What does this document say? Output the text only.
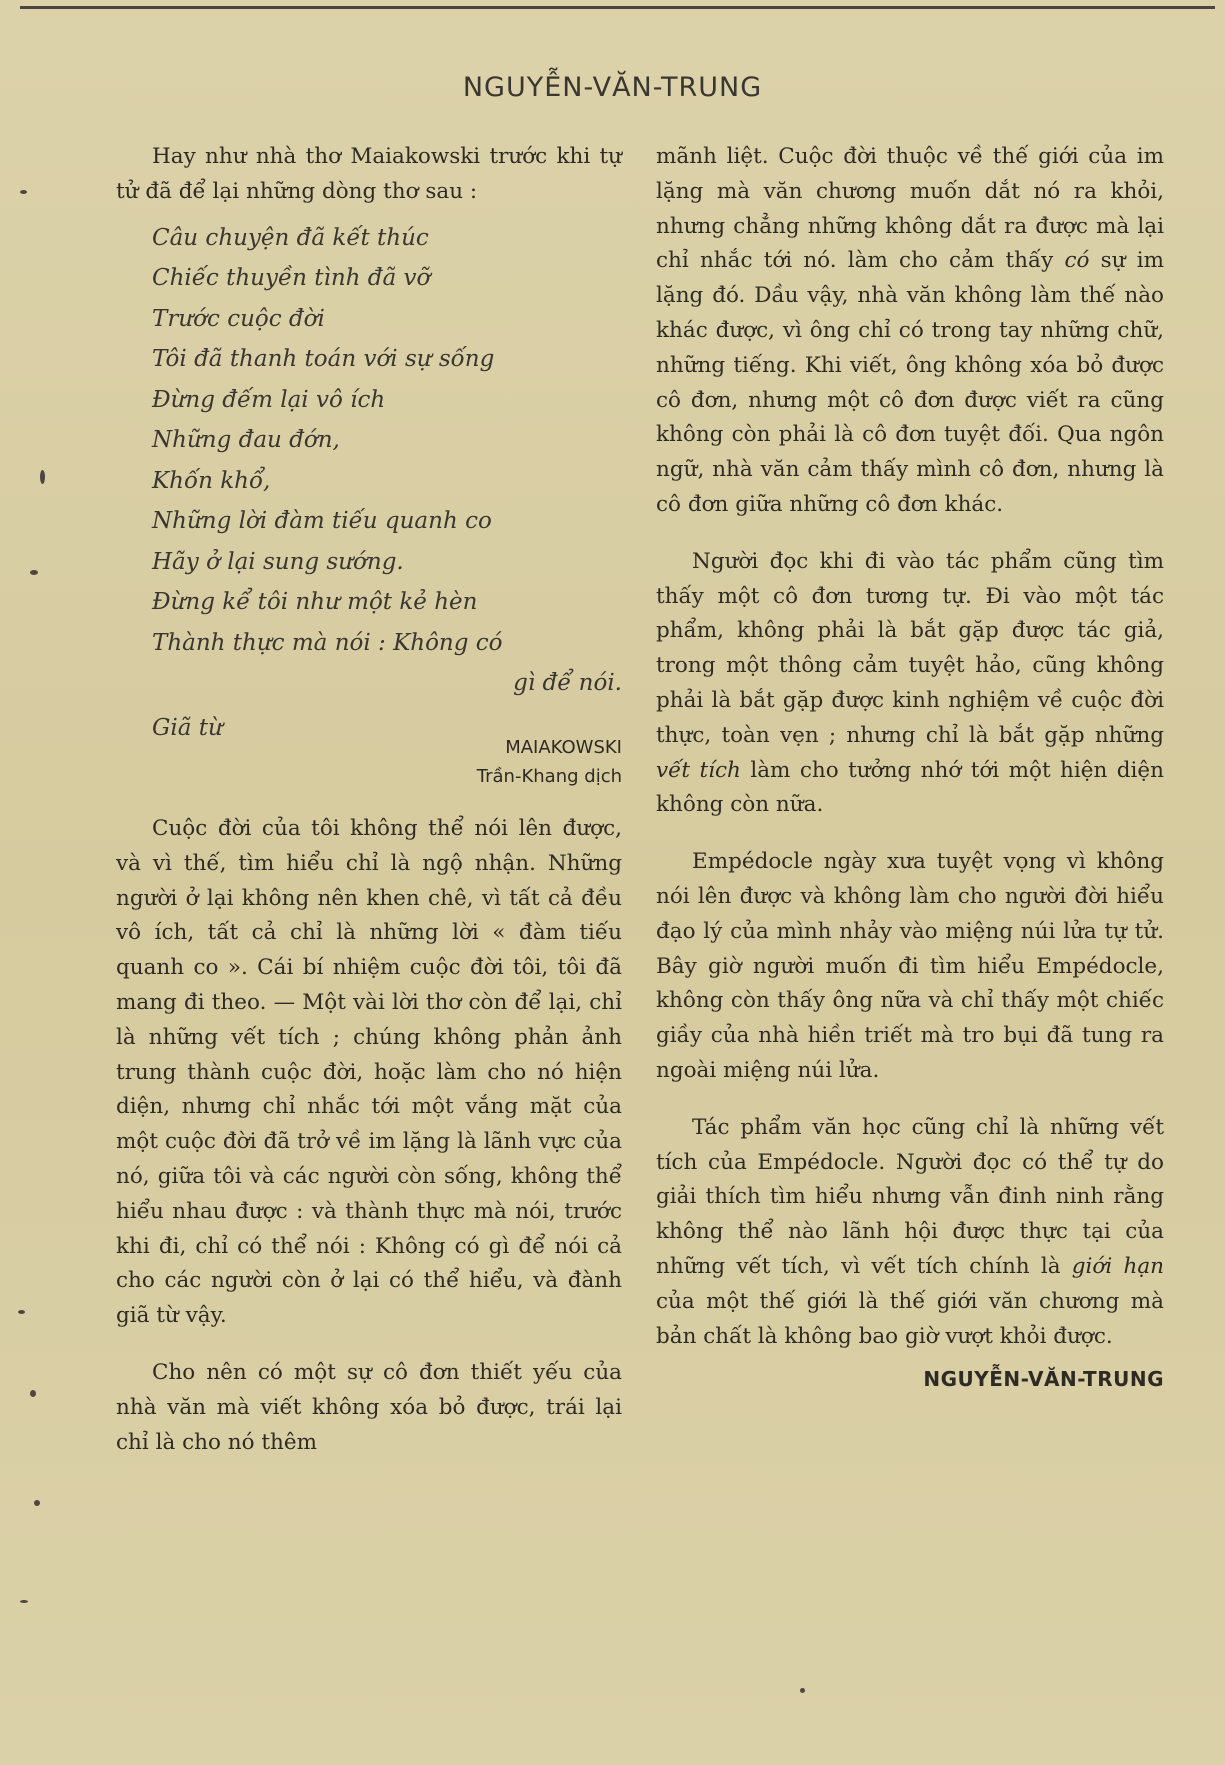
NGUYỄN-VĂN-TRUNG

Hay như nhà thơ Maiakowski trước khi tự tử đã để lại những dòng thơ sau :

Câu chuyện đã kết thúc
Chiếc thuyền tình đã vỡ
Trước cuộc đời
Tôi đã thanh toán với sự sống
Đừng đếm lại vô ích
Những đau đớn,
Khốn khổ,
Những lời đàm tiếu quanh co
Hãy ở lại sung sướng.
Đừng kể tôi như một kẻ hèn
Thành thực mà nói : Không có
gì để nói.
Giã từ
MAIAKOWSKI
Trần-Khang dịch

Cuộc đời của tôi không thể nói lên được, và vì thế, tìm hiểu chỉ là ngộ nhận. Những người ở lại không nên khen chê, vì tất cả đều vô ích, tất cả chỉ là những lời « đàm tiếu quanh co ». Cái bí nhiệm cuộc đời tôi, tôi đã mang đi theo. — Một vài lời thơ còn để lại, chỉ là những vết tích ; chúng không phản ảnh trung thành cuộc đời, hoặc làm cho nó hiện diện, nhưng chỉ nhắc tới một vắng mặt của một cuộc đời đã trở về im lặng là lãnh vực của nó, giữa tôi và các người còn sống, không thể hiểu nhau được : và thành thực mà nói, trước khi đi, chỉ có thể nói : Không có gì để nói cả cho các người còn ở lại có thể hiểu, và đành giã từ vậy.

Cho nên có một sự cô đơn thiết yếu của nhà văn mà viết không xóa bỏ được, trái lại chỉ là cho nó thêm

mãnh liệt. Cuộc đời thuộc về thế giới của im lặng mà văn chương muốn dắt nó ra khỏi, nhưng chẳng những không dắt ra được mà lại chỉ nhắc tới nó. làm cho cảm thấy có sự im lặng đó. Dầu vậy, nhà văn không làm thế nào khác được, vì ông chỉ có trong tay những chữ, những tiếng. Khi viết, ông không xóa bỏ được cô đơn, nhưng một cô đơn được viết ra cũng không còn phải là cô đơn tuyệt đối. Qua ngôn ngữ, nhà văn cảm thấy mình cô đơn, nhưng là cô đơn giữa những cô đơn khác.

Người đọc khi đi vào tác phẩm cũng tìm thấy một cô đơn tương tự. Đi vào một tác phẩm, không phải là bắt gặp được tác giả, trong một thông cảm tuyệt hảo, cũng không phải là bắt gặp được kinh nghiệm về cuộc đời thực, toàn vẹn ; nhưng chỉ là bắt gặp những vết tích làm cho tưởng nhớ tới một hiện diện không còn nữa.

Empédocle ngày xưa tuyệt vọng vì không nói lên được và không làm cho người đời hiểu đạo lý của mình nhảy vào miệng núi lửa tự tử. Bây giờ người muốn đi tìm hiểu Empédocle, không còn thấy ông nữa và chỉ thấy một chiếc giầy của nhà hiền triết mà tro bụi đã tung ra ngoài miệng núi lửa.

Tác phẩm văn học cũng chỉ là những vết tích của Empédocle. Người đọc có thể tự do giải thích tìm hiểu nhưng vẫn đinh ninh rằng không thể nào lãnh hội được thực tại của những vết tích, vì vết tích chính là giới hạn của một thế giới là thế giới văn chương mà bản chất là không bao giờ vượt khỏi được.

NGUYỄN-VĂN-TRUNG
